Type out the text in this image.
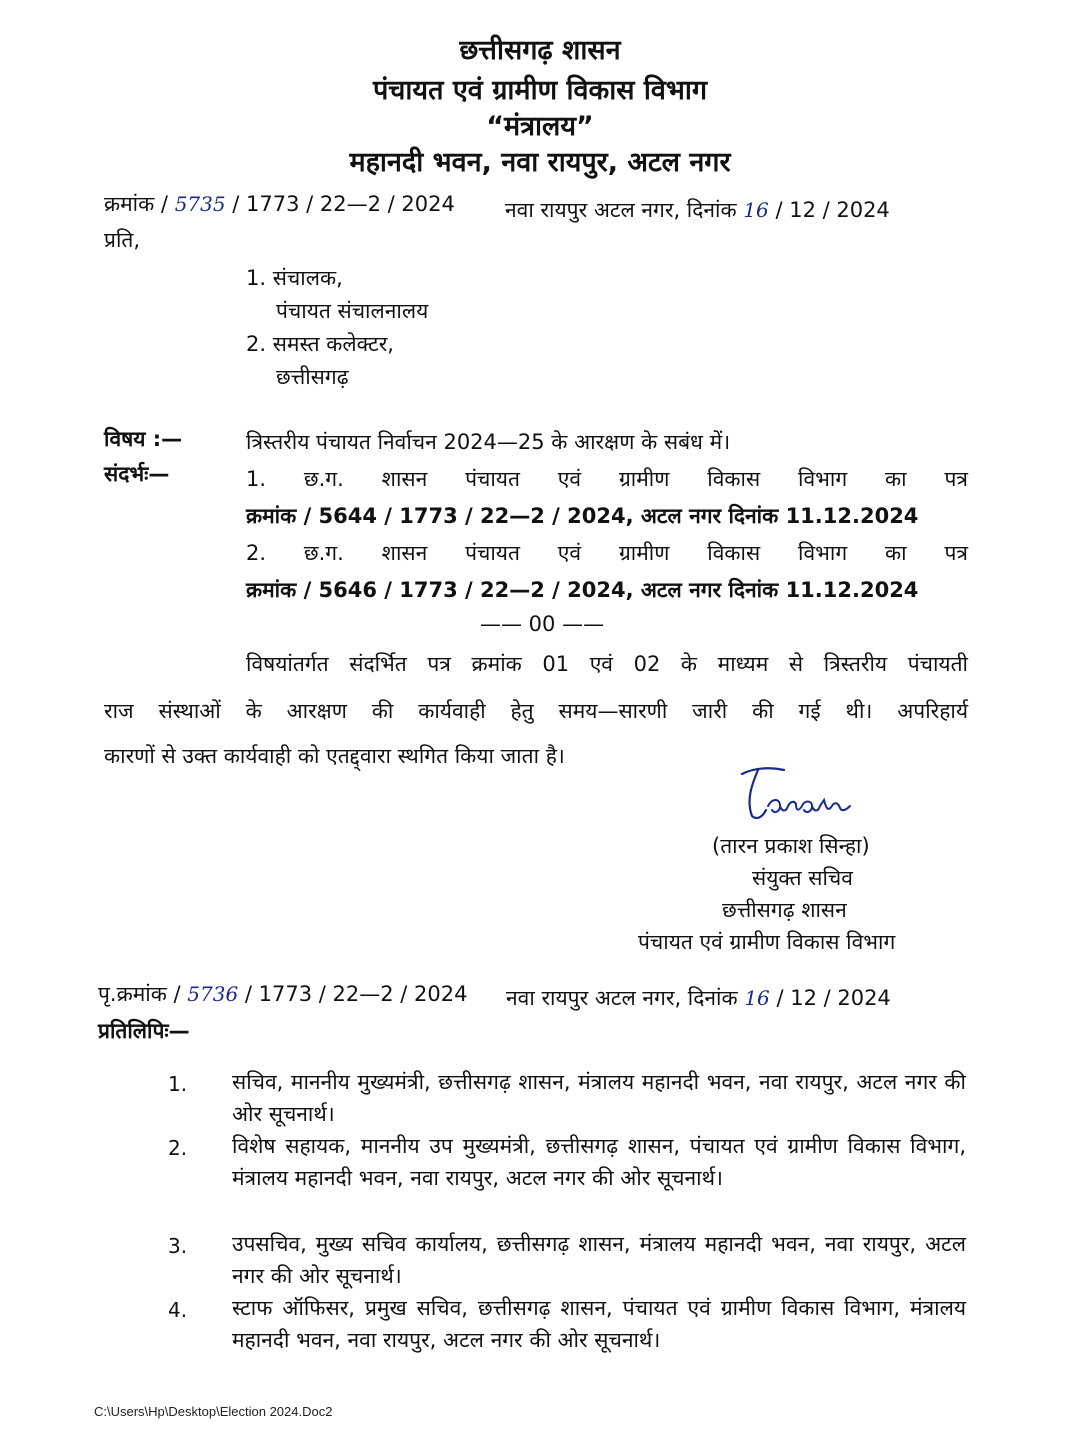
छत्तीसगढ़ शासन
पंचायत एवं ग्रामीण विकास विभाग
“मंत्रालय”
महानदी भवन, नवा रायपुर, अटल नगर
क्रमांक / 5735 / 1773 / 22—2 / 2024 नवा रायपुर अटल नगर, दिनांक 16 / 12 / 2024
प्रति,
1. संचालक,
पंचायत संचालनालय
2. समस्त कलेक्टर,
छत्तीसगढ़
विषय :—	त्रिस्तरीय पंचायत निर्वाचन 2024—25 के आरक्षण के सबंध में।
संदर्भः—	1. छ.ग. शासन पंचायत एवं ग्रामीण विकास विभाग का पत्र
क्रमांक / 5644 / 1773 / 22—2 / 2024, अटल नगर दिनांक 11.12.2024
2. छ.ग. शासन पंचायत एवं ग्रामीण विकास विभाग का पत्र
क्रमांक / 5646 / 1773 / 22—2 / 2024, अटल नगर दिनांक 11.12.2024
—— 00 ——
विषयांतर्गत संदर्भित पत्र क्रमांक 01 एवं 02 के माध्यम से त्रिस्तरीय पंचायती
राज संस्थाओं के आरक्षण की कार्यवाही हेतु समय—सारणी जारी की गई थी। अपरिहार्य
कारणों से उक्त कार्यवाही को एतद्द्वारा स्थगित किया जाता है।
(तारन प्रकाश सिन्हा)
संयुक्त सचिव
छत्तीसगढ़ शासन
पंचायत एवं ग्रामीण विकास विभाग
पृ.क्रमांक / 5736 / 1773 / 22—2 / 2024 नवा रायपुर अटल नगर, दिनांक 16 / 12 / 2024
प्रतिलिपिः—
1. सचिव, माननीय मुख्यमंत्री, छत्तीसगढ़ शासन, मंत्रालय महानदी भवन, नवा रायपुर, अटल नगर की ओर सूचनार्थ।
2. विशेष सहायक, माननीय उप मुख्यमंत्री, छत्तीसगढ़ शासन, पंचायत एवं ग्रामीण विकास विभाग, मंत्रालय महानदी भवन, नवा रायपुर, अटल नगर की ओर सूचनार्थ।
3. उपसचिव, मुख्य सचिव कार्यालय, छत्तीसगढ़ शासन, मंत्रालय महानदी भवन, नवा रायपुर, अटल नगर की ओर सूचनार्थ।
4. स्टाफ ऑफिसर, प्रमुख सचिव, छत्तीसगढ़ शासन, पंचायत एवं ग्रामीण विकास विभाग, मंत्रालय महानदी भवन, नवा रायपुर, अटल नगर की ओर सूचनार्थ।
C:\Users\Hp\Desktop\Election 2024.Doc2
